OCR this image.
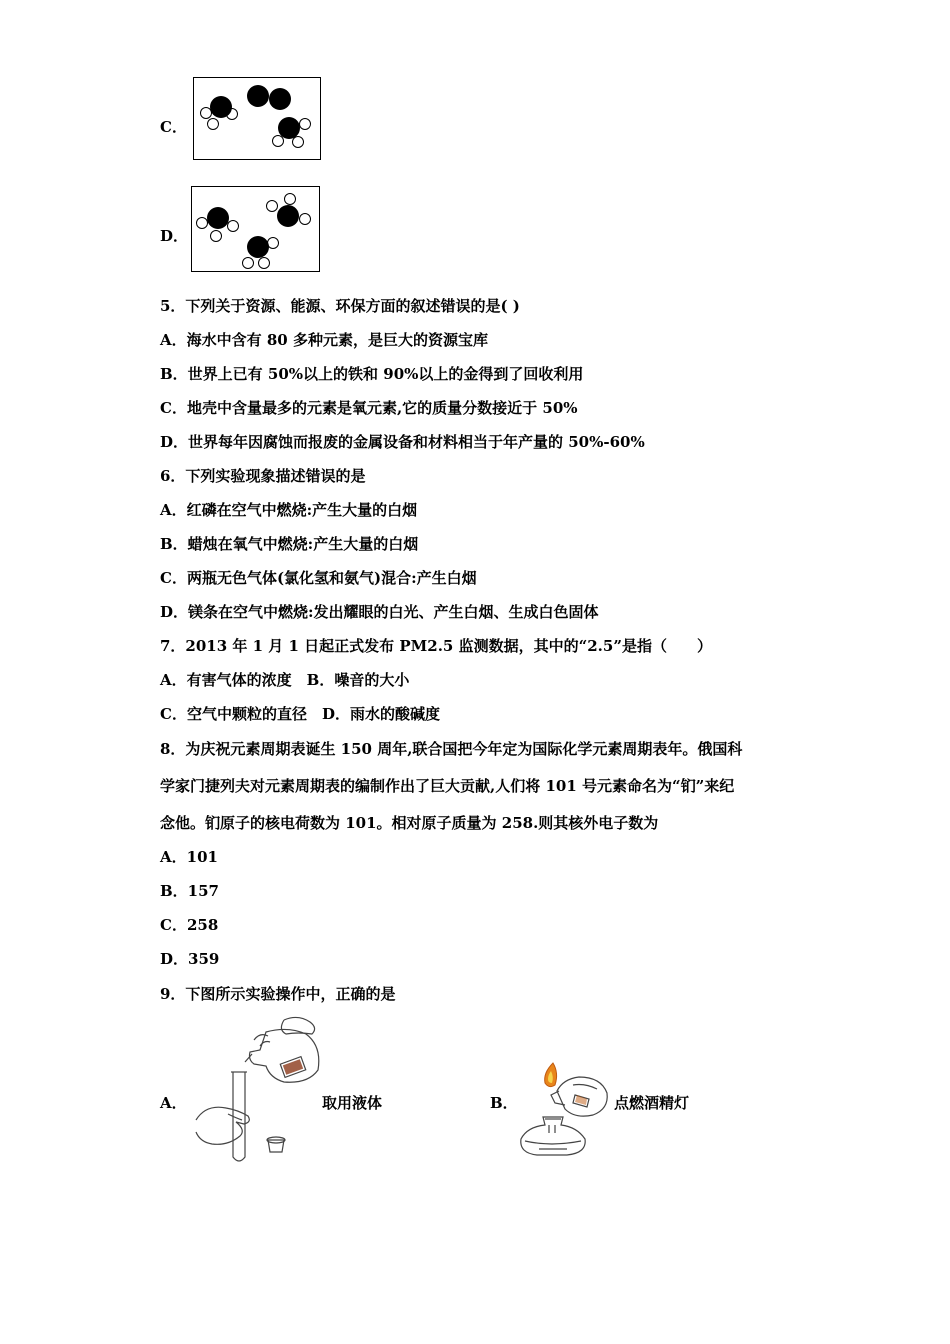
C．
D．
5．下列关于资源、能源、环保方面的叙述错误的是( )
A．海水中含有 80 多种元素，是巨大的资源宝库
B．世界上已有 50%以上的铁和 90%以上的金得到了回收利用
C．地壳中含量最多的元素是氧元素,它的质量分数接近于 50%
D．世界每年因腐蚀而报废的金属设备和材料相当于年产量的 50%-60%
6．下列实验现象描述错误的是
A．红磷在空气中燃烧:产生大量的白烟
B．蜡烛在氧气中燃烧:产生大量的白烟
C．两瓶无色气体(氯化氢和氨气)混合:产生白烟
D．镁条在空气中燃烧:发出耀眼的白光、产生白烟、生成白色固体
7．2013 年 1 月 1 日起正式发布 PM2.5 监测数据，其中的“2.5”是指（　　）
A．有害气体的浓度　B．噪音的大小
C．空气中颗粒的直径　D．雨水的酸碱度
8．为庆祝元素周期表诞生 150 周年,联合国把今年定为国际化学元素周期表年。俄国科
学家门捷列夫对元素周期表的编制作出了巨大贡献,人们将 101 号元素命名为“钔”来纪
念他。钔原子的核电荷数为 101。相对原子质量为 258.则其核外电子数为
A．101
B．157
C．258
D．359
9．下图所示实验操作中，正确的是
A．	取用液体	B．	点燃酒精灯
